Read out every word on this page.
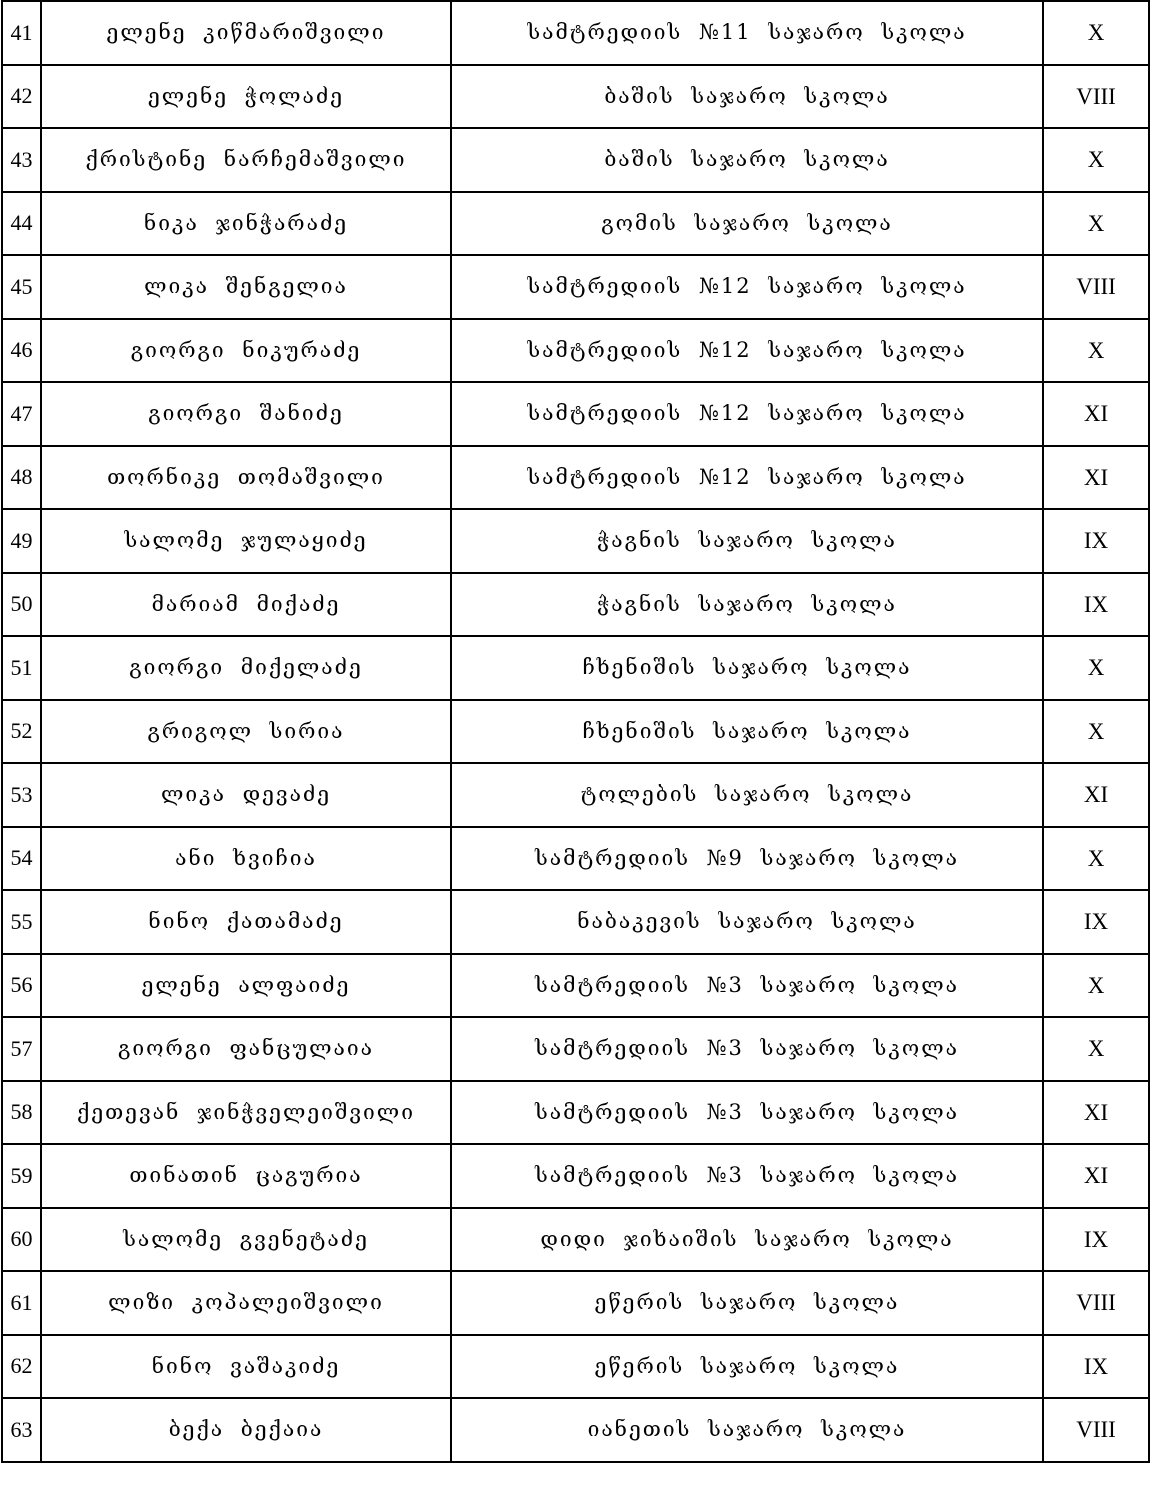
41	ელენე კიწმარიშვილი	სამტრედიის №11 საჯარო სკოლა	X
42	ელენე ჭოლაძე	ბაშის საჯარო სკოლა	VIII
43	ქრისტინე ნარჩემაშვილი	ბაშის საჯარო სკოლა	X
44	ნიკა ჯინჭარაძე	გომის საჯარო სკოლა	X
45	ლიკა შენგელია	სამტრედიის №12 საჯარო სკოლა	VIII
46	გიორგი ნიკურაძე	სამტრედიის №12 საჯარო სკოლა	X
47	გიორგი შანიძე	სამტრედიის №12 საჯარო სკოლა	XI
48	თორნიკე თომაშვილი	სამტრედიის №12 საჯარო სკოლა	XI
49	სალომე ჯულაყიძე	ჭაგნის საჯარო სკოლა	IX
50	მარიამ მიქაძე	ჭაგნის საჯარო სკოლა	IX
51	გიორგი მიქელაძე	ჩხენიშის საჯარო სკოლა	X
52	გრიგოლ სირია	ჩხენიშის საჯარო სკოლა	X
53	ლიკა დევაძე	ტოლების საჯარო სკოლა	XI
54	ანი ხვიჩია	სამტრედიის №9 საჯარო სკოლა	X
55	ნინო ქათამაძე	ნაბაკევის საჯარო სკოლა	IX
56	ელენე ალფაიძე	სამტრედიის №3 საჯარო სკოლა	X
57	გიორგი ფანცულაია	სამტრედიის №3 საჯარო სკოლა	X
58	ქეთევან ჯინჭველეიშვილი	სამტრედიის №3 საჯარო სკოლა	XI
59	თინათინ ცაგურია	სამტრედიის №3 საჯარო სკოლა	XI
60	სალომე გვენეტაძე	დიდი ჯიხაიშის საჯარო სკოლა	IX
61	ლიზი კოპალეიშვილი	ეწერის საჯარო სკოლა	VIII
62	ნინო ვაშაკიძე	ეწერის საჯარო სკოლა	IX
63	ბექა ბექაია	იანეთის საჯარო სკოლა	VIII
